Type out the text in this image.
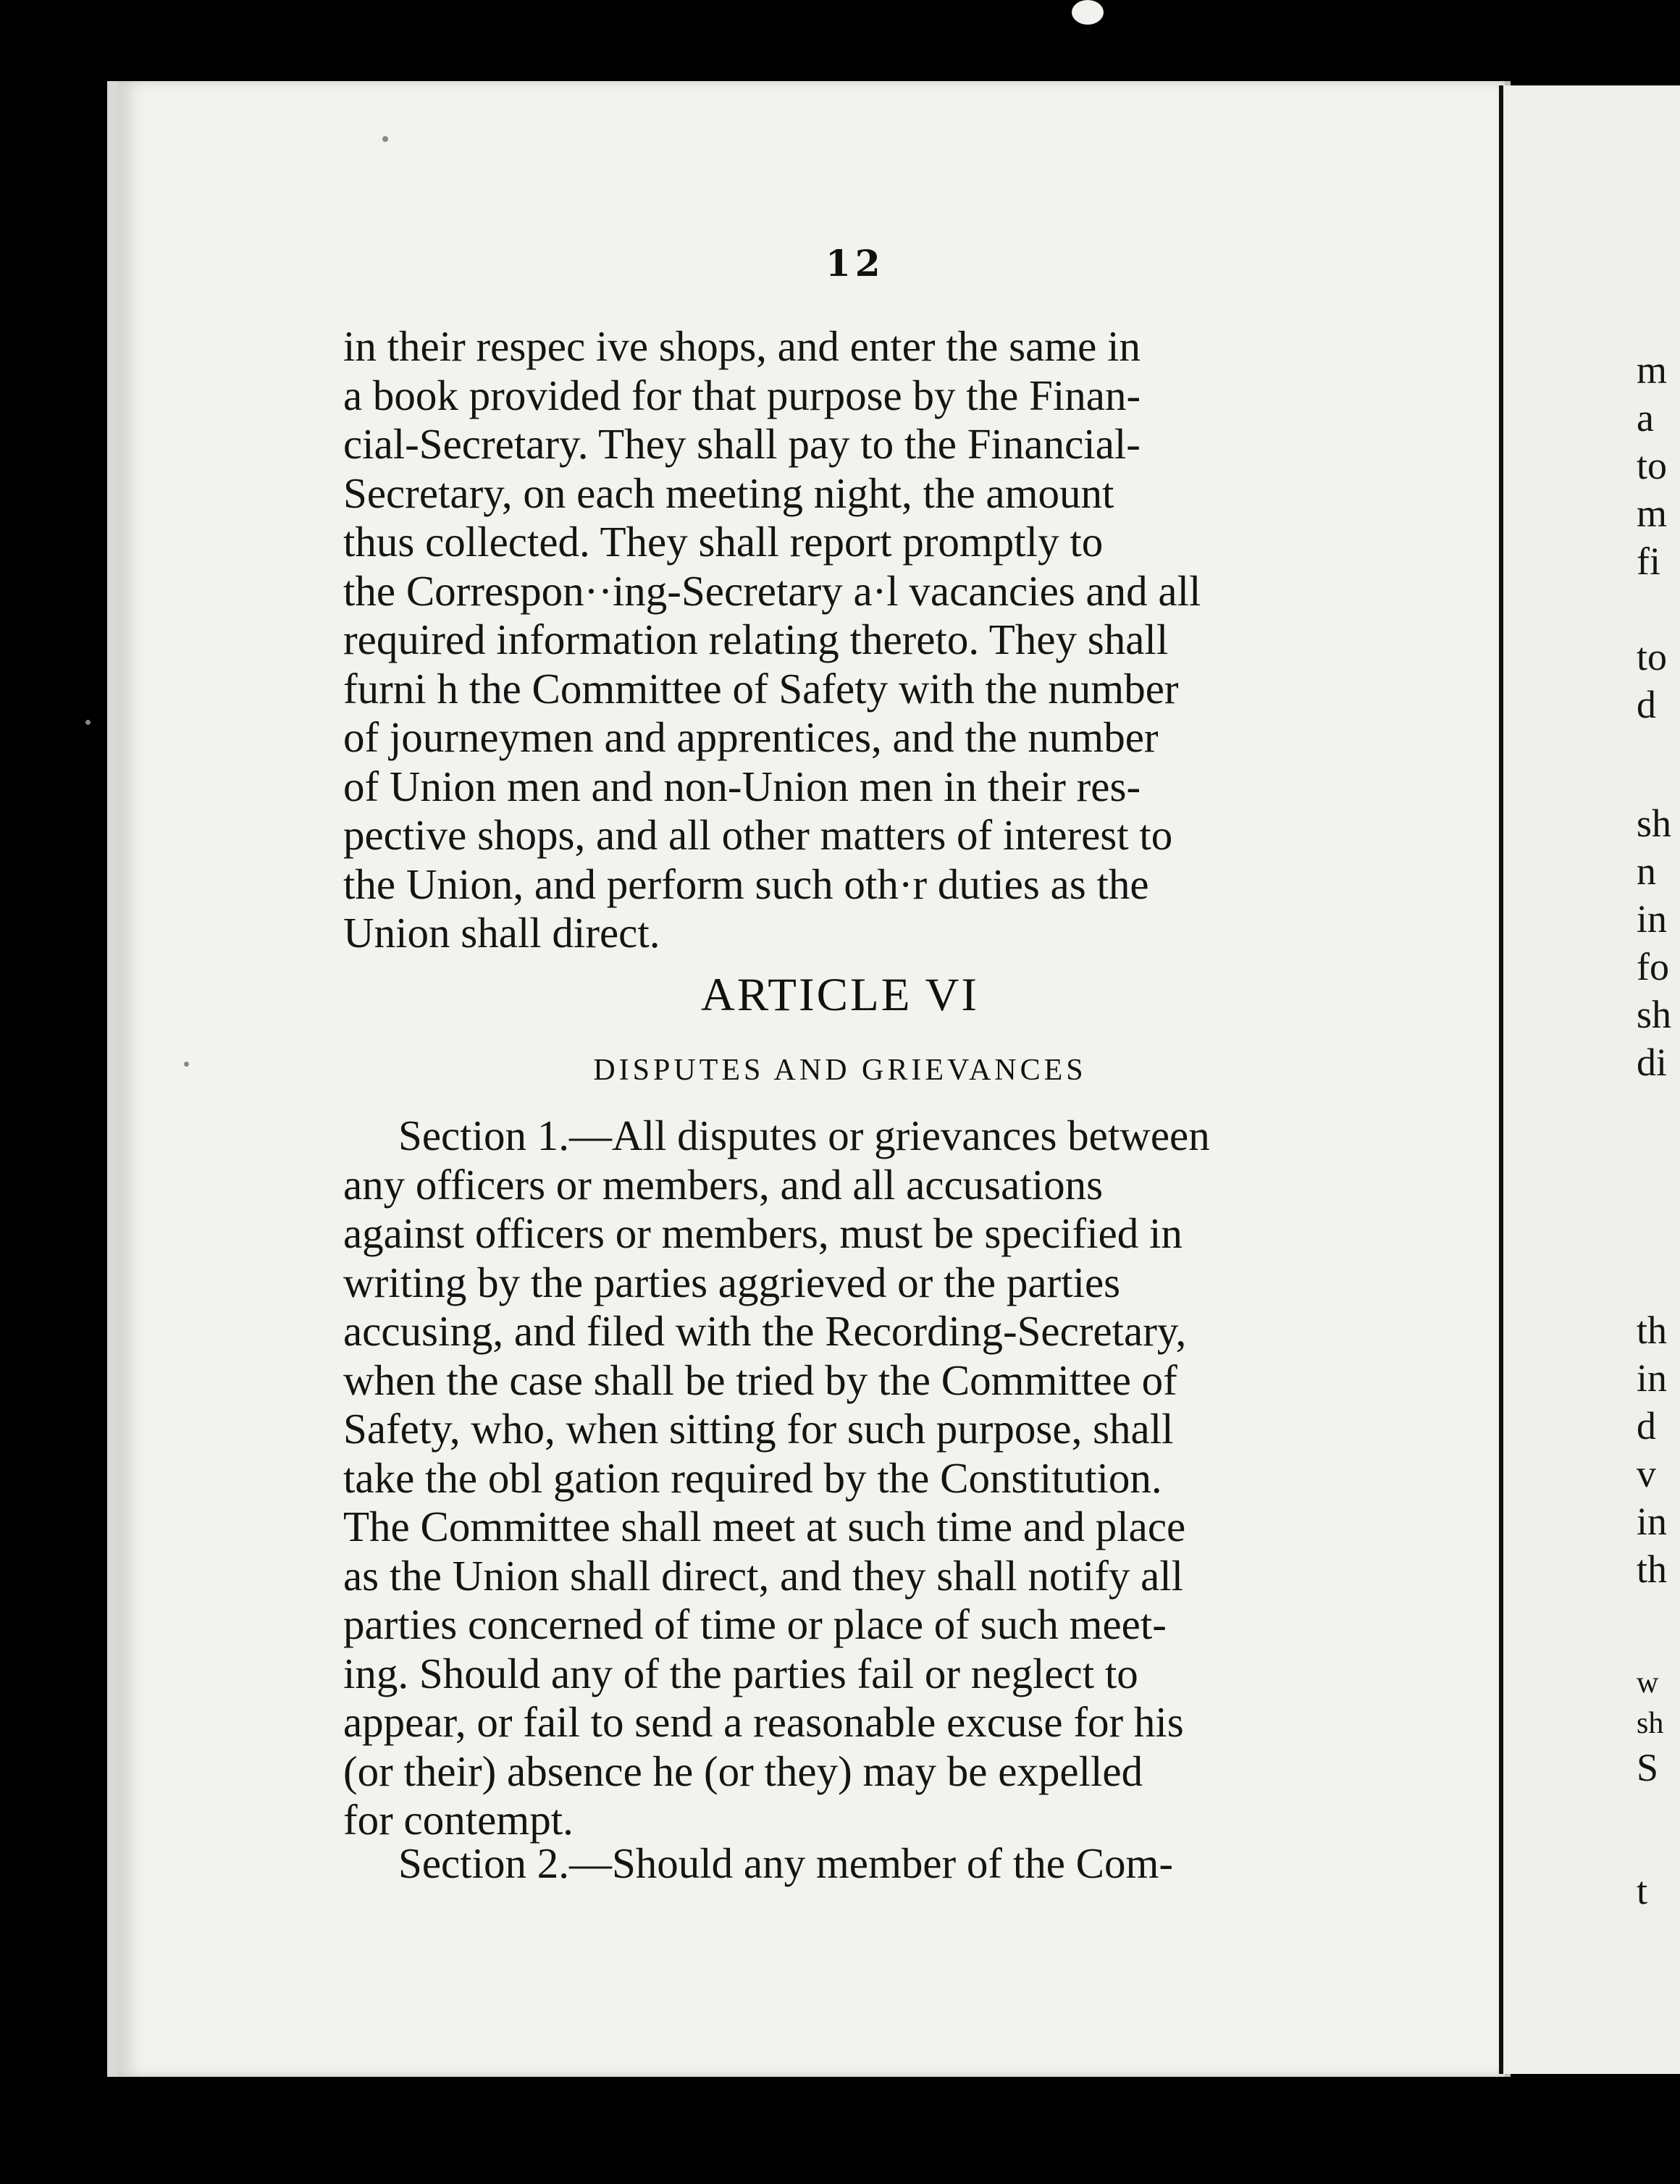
12
in their respec ive shops, and enter the same in
a book provided for that purpose by the Finan-
cial-Secretary. They shall pay to the Financial-
Secretary, on each meeting night, the amount
thus collected. They shall report promptly to
the Correspon··ing-Secretary a·l vacancies and all
required information relating thereto. They shall
furni h the Committee of Safety with the number
of journeymen and apprentices, and the number
of Union men and non-Union men in their res-
pective shops, and all other matters of interest to
the Union, and perform such oth·r duties as the
Union shall direct.
ARTICLE VI
DISPUTES AND GRIEVANCES
Section 1.—All disputes or grievances between
any officers or members, and all accusations
against officers or members, must be specified in
writing by the parties aggrieved or the parties
accusing, and filed with the Recording-Secretary,
when the case shall be tried by the Committee of
Safety, who, when sitting for such purpose, shall
take the obl gation required by the Constitution.
The Committee shall meet at such time and place
as the Union shall direct, and they shall notify all
parties concerned of time or place of such meet-
ing. Should any of the parties fail or neglect to
appear, or fail to send a reasonable excuse for his
(or their) absence he (or they) may be expelled
for contempt.
Section 2.—Should any member of the Com-
m
a
to
m
fi
to
d
sh
n
in
fo
sh
di
th
in
d
v
in
th
w
sh
S
t
